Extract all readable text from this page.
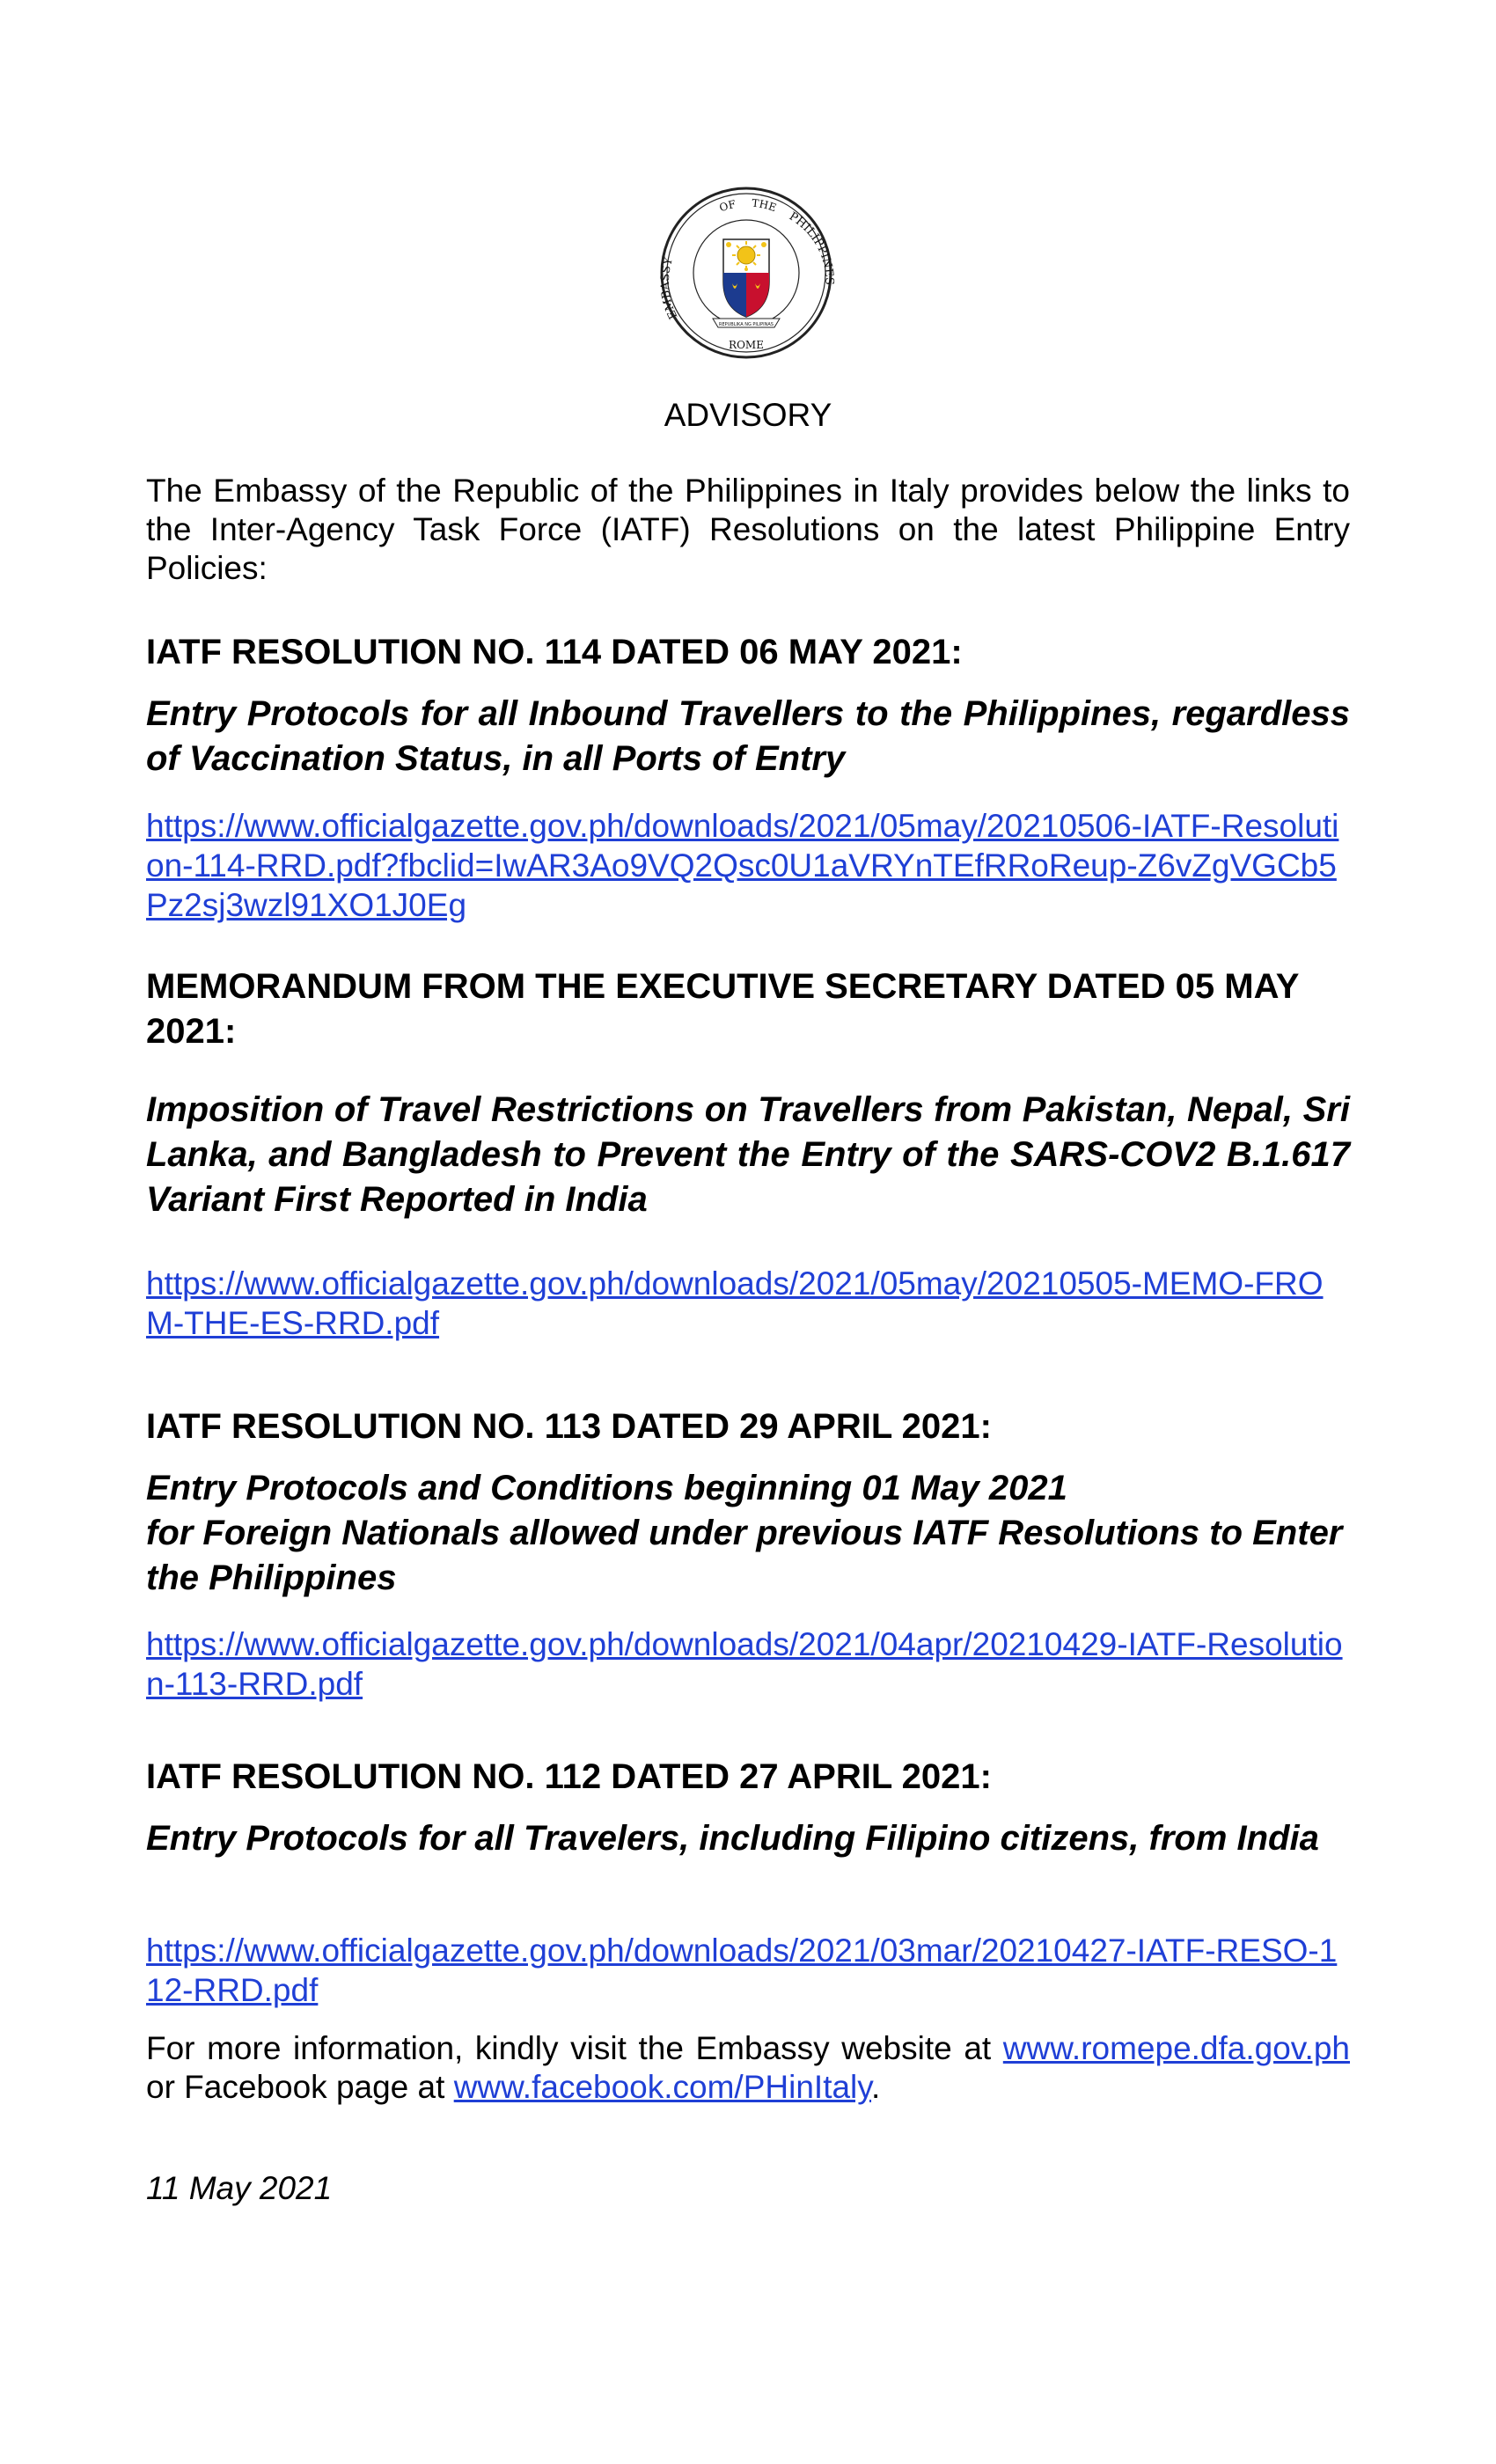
EMBASSY
OF THE
PHILIPPINES
REPUBLIKA NG PILIPINAS
ROME
ADVISORY
The Embassy of the Republic of the Philippines in Italy provides below the links to the Inter-Agency Task Force (IATF) Resolutions on the latest Philippine Entry Policies:
IATF RESOLUTION NO. 114 DATED 06 MAY 2021:
Entry Protocols for all Inbound Travellers to the Philippines, regardless of Vaccination Status, in all Ports of Entry
https://www.officialgazette.gov.ph/downloads/2021/05may/20210506-IATF-Resolution-114-RRD.pdf?fbclid=IwAR3Ao9VQ2Qsc0U1aVRYnTEfRRoReup-Z6vZgVGCb5Pz2sj3wzl91XO1J0Eg
MEMORANDUM FROM THE EXECUTIVE SECRETARY DATED 05 MAY 2021:
Imposition of Travel Restrictions on Travellers from Pakistan, Nepal, Sri Lanka, and Bangladesh to Prevent the Entry of the SARS-COV2 B.1.617 Variant First Reported in India
https://www.officialgazette.gov.ph/downloads/2021/05may/20210505-MEMO-FROM-THE-ES-RRD.pdf
IATF RESOLUTION NO. 113 DATED 29 APRIL 2021:
Entry Protocols and Conditions beginning 01 May 2021
for Foreign Nationals allowed under previous IATF Resolutions to Enter the Philippines
https://www.officialgazette.gov.ph/downloads/2021/04apr/20210429-IATF-Resolution-113-RRD.pdf
IATF RESOLUTION NO. 112 DATED 27 APRIL 2021:
Entry Protocols for all Travelers, including Filipino citizens, from India
https://www.officialgazette.gov.ph/downloads/2021/03mar/20210427-IATF-RESO-112-RRD.pdf
For more information, kindly visit the Embassy website at www.romepe.dfa.gov.ph or Facebook page at www.facebook.com/PHinItaly.
11 May 2021
